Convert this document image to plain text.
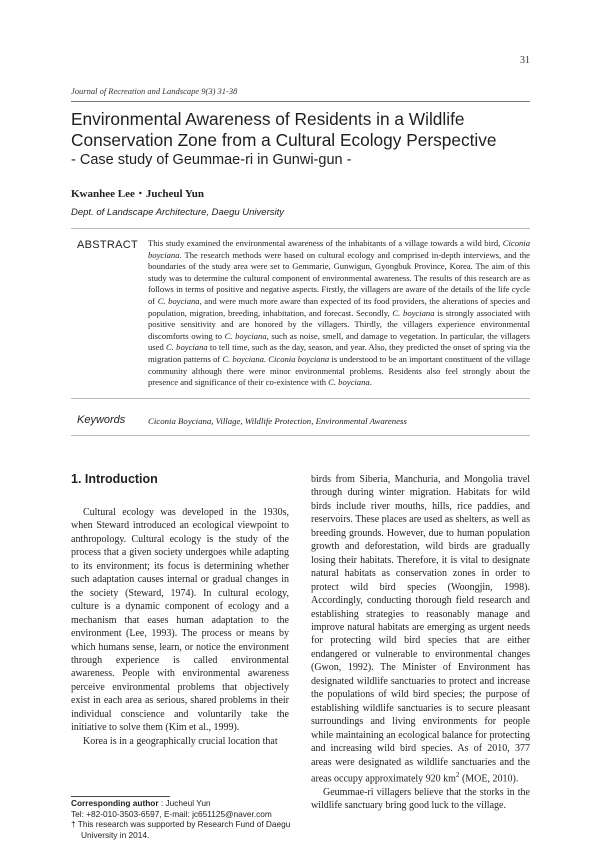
31
Journal of Recreation and Landscape 9(3) 31-38
Environmental Awareness of Residents in a Wildlife Conservation Zone from a Cultural Ecology Perspective
- Case study of Geummae-ri in Gunwi-gun -
Kwanhee Lee・Jucheul Yun
Dept. of Landscape Architecture, Daegu University
ABSTRACT This study examined the environmental awareness of the inhabitants of a village towards a wild bird, Ciconia boyciana. The research methods were based on cultural ecology and comprised in-depth interviews, and the boundaries of the study area were set to Gemmarie, Gunwigun, Gyongbuk Province, Korea. The aim of this study was to determine the cultural component of environmental awareness. The results of this research are as follows in terms of positive and negative aspects. Firstly, the villagers are aware of the details of the life cycle of C. boyciana, and were much more aware than expected of its food providers, the alterations of species and population, migration, breeding, inhabitation, and forecast. Secondly, C. boyciana is strongly associated with positive sensitivity and are honored by the villagers. Thirdly, the villagers experience environmental discomforts owing to C. boyciana, such as noise, smell, and damage to vegetation. In particular, the villagers used C. boyciana to tell time, such as the day, season, and year. Also, they predicted the onset of spring via the migration patterns of C. boyciana. Ciconia boyciana is understood to be an important constituent of the village community although there were minor environmental problems. Residents also feel strongly about the presence and significance of their co-existence with C. boyciana.

Keywords	Ciconia Boyciana, Village, Wildlife Protection, Environmental Awareness
1. Introduction

Cultural ecology was developed in the 1930s, when Steward introduced an ecological viewpoint to anthropology. Cultural ecology is the study of the process that a given society undergoes while adapting to its environment; its focus is determining whether such adaptation causes internal or gradual changes in the society (Steward, 1974). In cultural ecology, culture is a dynamic component of ecology and a mechanism that eases human adaptation to the environment (Lee, 1993). The process or means by which humans sense, learn, or notice the environment through experience is called environmental awareness. People with environmental awareness perceive environmental problems that objectively exist in each area as serious, shared problems in their individual conscience and voluntarily take the initiative to solve them (Kim et al., 1999).

Korea is in a geographically crucial location that

birds from Siberia, Manchuria, and Mongolia travel through during winter migration. Habitats for wild birds include river mouths, hills, rice paddies, and reservoirs. These places are used as shelters, as well as breeding grounds. However, due to human population growth and deforestation, wild birds are gradually losing their habitats. Therefore, it is vital to designate natural habitats as conservation zones in order to protect wild bird species (Woongjin, 1998). Accordingly, conducting thorough field research and establishing strategies to reasonably manage and improve natural habitats are emerging as urgent needs for protecting wild bird species that are either endangered or vulnerable to environmental changes (Gwon, 1992). The Minister of Environment has designated wildlife sanctuaries to protect and increase the populations of wild bird species; the purpose of establishing wildlife sanctuaries is to secure pleasant surroundings and living environments for people while maintaining an ecological balance for protecting and increasing wild bird species. As of 2010, 377 areas were designated as wildlife sanctuaries and the areas occupy approximately 920 $km^2$ (MOE, 2010).

Geummae-ri villagers believe that the storks in the wildlife sanctuary bring good luck to the village.

Corresponding author : Jucheul Yun
Tel: +82-010-3503-6597, E-mail: jc651125@naver.com
† This research was supported by Research Fund of Daegu University in 2014.
